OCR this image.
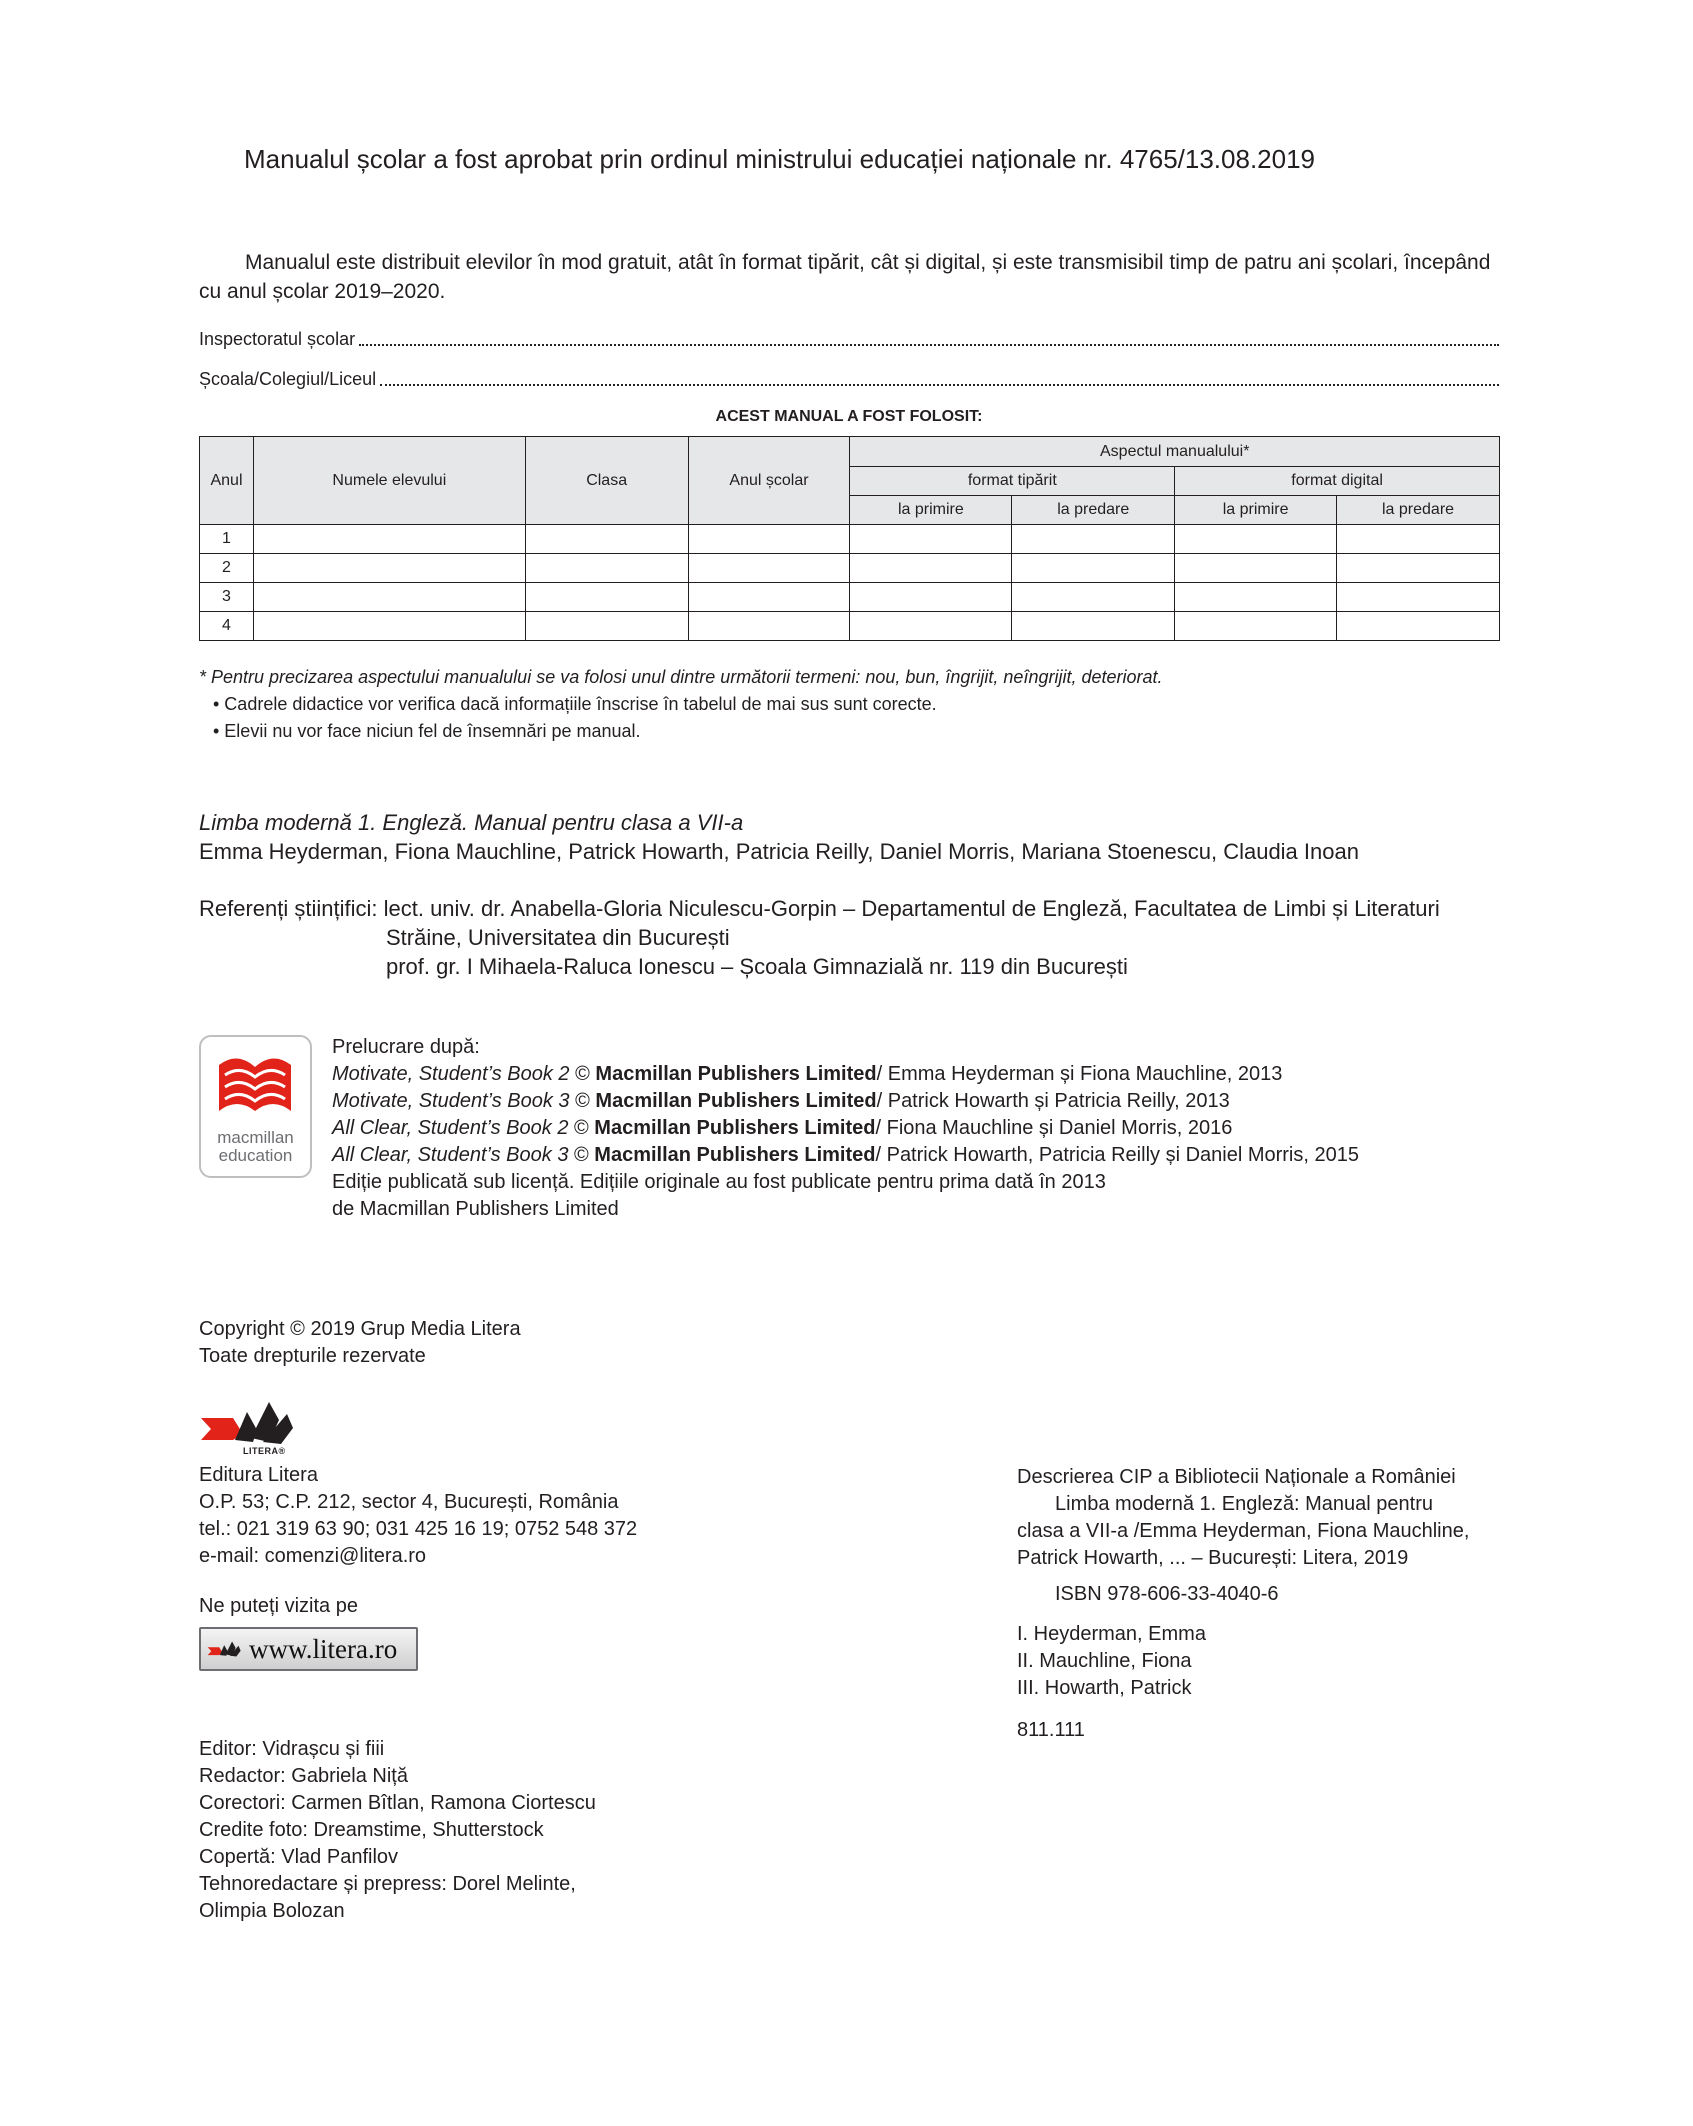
Manualul școlar a fost aprobat prin ordinul ministrului educației naționale nr. 4765/13.08.2019
Manualul este distribuit elevilor în mod gratuit, atât în format tipărit, cât și digital, și este transmisibil timp de patru ani școlari, începând cu anul școlar 2019–2020.
Inspectoratul școlar
Școala/Colegiul/Liceul
ACEST MANUAL A FOST FOLOSIT:
Anul	Numele elevului	Clasa	Anul școlar	Aspectul manualului*			
				format tipărit		format digital	
				la primire	la predare	la primire	la predare
1							
2							
3							
4							
* Pentru precizarea aspectului manualului se va folosi unul dintre următorii termeni: nou, bun, îngrijit, neîngrijit, deteriorat.
• Cadrele didactice vor verifica dacă informațiile înscrise în tabelul de mai sus sunt corecte.
• Elevii nu vor face niciun fel de însemnări pe manual.
Limba modernă 1. Engleză. Manual pentru clasa a VII-a
Emma Heyderman, Fiona Mauchline, Patrick Howarth, Patricia Reilly, Daniel Morris, Mariana Stoenescu, Claudia Inoan
Referenți științifici: lect. univ. dr. Anabella-Gloria Niculescu-Gorpin – Departamentul de Engleză, Facultatea de Limbi și Literaturi
Străine, Universitatea din București
prof. gr. I Mihaela-Raluca Ionescu – Școala Gimnazială nr. 119 din București
macmillan
education
Prelucrare după:
Motivate, Student’s Book 2 © Macmillan Publishers Limited/ Emma Heyderman și Fiona Mauchline, 2013
Motivate, Student’s Book 3 © Macmillan Publishers Limited/ Patrick Howarth și Patricia Reilly, 2013
All Clear, Student’s Book 2 © Macmillan Publishers Limited/ Fiona Mauchline și Daniel Morris, 2016
All Clear, Student’s Book 3 © Macmillan Publishers Limited/ Patrick Howarth, Patricia Reilly și Daniel Morris, 2015
Ediție publicată sub licență. Edițiile originale au fost publicate pentru prima dată în 2013
de Macmillan Publishers Limited
Copyright © 2019 Grup Media Litera
Toate drepturile rezervate
LITERA®
Editura Litera
O.P. 53; C.P. 212, sector 4, București, România
tel.: 021 319 63 90; 031 425 16 19; 0752 548 372
e-mail: comenzi@litera.ro
Ne puteți vizita pe
www.litera.ro
Editor: Vidrașcu și fiii
Redactor: Gabriela Niță
Corectori: Carmen Bîtlan, Ramona Ciortescu
Credite foto: Dreamstime, Shutterstock
Copertă: Vlad Panfilov
Tehnoredactare și prepress: Dorel Melinte,
Olimpia Bolozan
Descrierea CIP a Bibliotecii Naționale a României
Limba modernă 1. Engleză: Manual pentru
clasa a VII-a /Emma Heyderman, Fiona Mauchline,
Patrick Howarth, ... – București: Litera, 2019
ISBN 978-606-33-4040-6
I. Heyderman, Emma
II. Mauchline, Fiona
III. Howarth, Patrick
811.111
